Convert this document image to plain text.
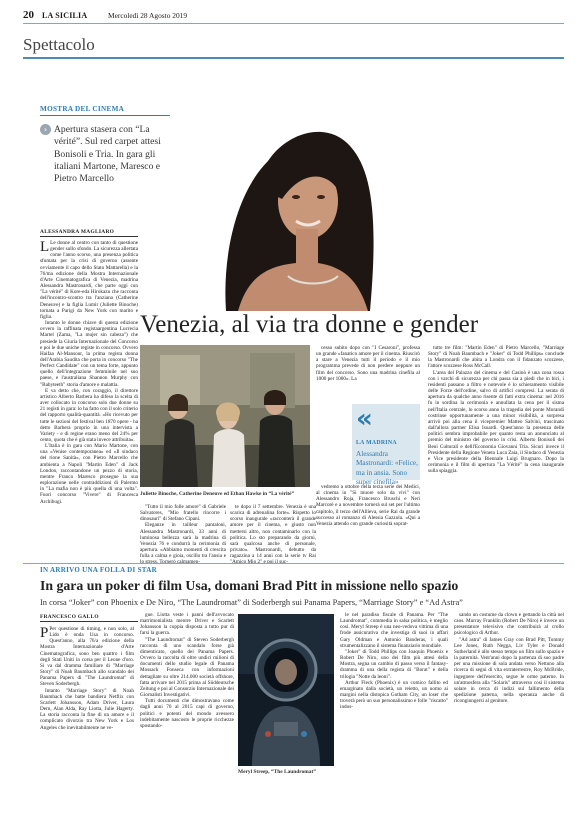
20 LA SICILIA	Mercoledì 28 Agosto 2019
Spettacolo
MOSTRA DEL CINEMA
› Apertura stasera con “La vérité”. Sul red carpet attesi Bonisoli e Tria. In gara gli italiani Martone, Maresco e Pietro Marcello
ALESSANDRA MAGLIARO

L Le donne al centro con tanto di questione gender sullo sfondo. La sicurezza allertata come l'anno scorso, una presenza politica sfumata per la crisi di governo (assente ovviamente il capo dello Stato Mattarella) e la 76/ma edizione della Mostra Internazionale d'Arte Cinematografica di Venezia, madrina Alessandra Mastronardi, che parte oggi con "La vérité" di Kore-eda Hirokazu che racconta dell'incontro-scontro tra l'anziana (Catherine Deneuve) e la figlia Lumir (Juliette Binoche) tornata a Parigi da New York con marito e figlia.

Intanto le donne chiave di questa edizione ovvero la raffinata registaargentina Lucrecia Martel (Zama, "La mujer sin cabeza") che presiede la Giuria Internazionale del Concorso e poi le due uniche registe in concorso. Ovvero Haifaa Al-Mansour, la prima regista donna dell'Arabia Saudita che porta in concorso "The Perfect Candidate" con un tema forte, appunto quello dell'integrazione femminile nel suo paese, e l'australiana Shannon Murphy con "Babyteeth" storia d'amore e malattia.

E va detto che, con coraggio, il direttore artistico Alberto Barbera ha difeso la scelta di aver collocato in concorso solo due donne su 21 registi in gara: lo ha fatto con il solo criterio del rapporto qualità-quantità. «Ho ricevuto per tutte le sezioni del festival ben 1870 opere - ha detto Barbera proprio in una intervista a Variety - e di regine erano meno del 24% per cento, quota che è già stata invece attribuita».

L'Italia è in gara con Mario Martone, con una «Venise contemporanea» ed «Il sindaco del rione Sanità», con Pietro Marcello che ambienta a Napoli "Martin Eden" di Jack London, raccontandone un pezzo di storia, mentre Franco Maresco prosegue la sua esplorazione nelle contraddizioni di Palermo in "La mafia non è più quella di una volta". Fuori concorso "Vivere" di Francesca Archibugi.

Venezia, al via tra donne e gender
Juliette Binoche, Catherine Deneuve ed Ethan Hawke in “La vérité”

"Tutto il mio folle amore" di Gabriele Salvatores, "Mio fratello rincorre i dinosauri" di Stefano Cipani.

Eleganze in tailleur pantaloni, Alessandra Mastronardi, 33 anni di luminosa bellezza sarà la madrina di Venezia 76 e condurrà la cerimonia di apertura. «Abbiamo momenti di crescita folla a calma e gioia, oscillo tra l'ansia e

te dopo il 7 settembre. Venezia è una scarica di adrenalina forte». Rispetto lo scorso inaugurale «racconterà il grande amore per il cinema, e giusto non mettersi altro, non contaminarlo con la politica. Lo sto preparando da giorni, sarà qualcosa anche di personale, privato». Mastronardi, debutto da ragazzina a 14 anni con la serie tv Rai

cesso subito dopo con "I Cesaroni", professa un grande «fanatico amore per il cinema. Riuscirò a stare a Venezia tutti il periodo e il mio programma prevede di non perdere neppure un film del concorso. Sono una madrina cinefila al 1000 per 1000». La

vedremo a ottobre nella terza serie dei Medici, al cinema in "Si muore solo da vivi" con Alessandro Roja, Francesco Bruschi e Neri Marcorè e a novembre tornerà sul set per l'ultimo capitolo, il terzo dell'Allieva, serie Rai da grande successo al romanzo di Alessia Gazzola. «Qui a Venezia attendo con grande curiosità soprat-

«
LA MADRINA
Alessandra Mastronardi: «Felice, ma in ansia. Sono super cinefila»

tutto tre film: "Martin Eden" di Pietro Marcello, "Marriage Story" di Noah Baumbach e "Joker" di Todd Phillips» conclude la Mastronardi che abita a Londra con il fidanzato scozzese, l'attore scozzese Ross McCall.

L'area del Palazzo del cinema e del Casinò è una zona rossa con i varchi di sicurezza per chi passa sia a piedi che in bici, i residenti passano a filtro e notevole è lo schieramento visibile delle Forze dell'ordine, salvo di artifici compresi. La serata di apertura da qualche anno risente di fatti extra cinema: nel 2016 fu in sordina la cerimonia e annullata la cena per il sisma nell'Italia centrale, lo scorso anno la tragedia del ponte Morandi costrinse opportunamente a una minor visibilità, a sorpresa arrivò poi alla cena il vicepremier Matteo Salvini, trascinato dall'allora partner Elisa Isoardi. Quest'anno la presenza delle politici sembra improbabile per quanto resta un annunciatu al premio del ministro del governo in crisi. Alberto Bonisoli dei Beni Culturali e delll'Economia Giovanni Tria. Sicuri invece il Presidente della Regione Veneto Luca Zaia, il Sindaco di Venezia e Vice presidente della Biennale Luigi Brugnaro. Dopo la cerimonia e il film di apertura "La Vérité" la cena inaugurale sulla spiaggia.

IN ARRIVO UNA FOLLA DI STAR
In gara un poker di film Usa, domani Brad Pitt in missione nello spazio
In corsa “Joker” con Phoenix e De Niro, “The Laundromat” di Soderbergh sui Panama Papers, “Marriage Story” e “Ad Astra”
FRANCESCO GALLO

P Per questione di timing, e non solo, al Lido è onda Usa in concorso. Quest'anno, alla 76/a edizione della Mostra Internazionale d'Arte Cinematografica, sono ben quattro i film degli Stati Uniti in corsa per il Leone d'oro. Si va dal dramma familiare di "Marriage Story" di Noah Baumbach allo scandalo dei Panama Papers di "The Laundromat" di Steven Soderbergh.

Intanto "Marriage Story" di Noah Baumbach che batte bandiera Netflix con Scarlett Johansson, Adam Driver, Laura Dern, Alan Alda, Ray Liotta, Julie Hagerty. La storia racconta la fine di un amore e il complicato divorzio tra New York e Los Angeles che inevitabilmente ne ve-

gue. Liotta veste i panni dell'avvocato matrimonialista mentre Driver e Scarlett Johansson la coppia disposta a tutto pur di farsi la guerra.

"The Laundromat" di Steven Soderbergh racconta di uno scandalo forse già dimenticato, quello dei Panama Papers. Ovvero la raccolta di oltre undici milioni di documenti dello studio legale di Panama Mossack Fonseca con informazioni dettagliate su oltre 214.000 società offshore, fatta arrivare nel 2015 prima al Süddeutsche Zeitung e poi al Consorzio Internazionale dei Giornalisti Investigativi.

Tutti documenti che dimostravano come dagli anni 70 al 2015 capi di governo, politici e potenti del mondo avessero indebitamente nascosto le proprie ricchezze spostando-

Meryl Streep, “The Laundromat”

le nel paradiso fiscale di Panama. Per "The Laundromat", commedia in salsa politica, è meglio così. Meryl Streep è una neo-vedova vittima di una frode assicurativa che investiga di suoi in affari Gary Oldman e Antonio Banderas, i quali strumentalizzano il sistema finanziario mondiale.

"Joker" di Todd Phillips con Joaquin Phoenix e Robert De Niro, uno dei film più attesi della Mostra, segna un cambio di passo verso il fantasy-dramma di una della regista di "Borat" e della trilogia "Notte da leoni".

Arthur Fleck (Phoenix) è un comico fallito ed emarginato dalla società, un reietto, un uomo ai margini nella distopica Gotham City, un loser che troverà però un suo personalissimo e folle "riscatto" indos-

sando un costume da clown e gettando la città nel caos. Murray Franklin (Robert De Niro) è invece un presentatore televisivo che contribuirà al crollo psicologico di Arthur.

"Ad astra" di James Gray con Brad Pitt, Tommy Lee Jones, Ruth Negga, Liv Tyler e Donald Sutherland è allo stesso tempo un film sullo spazio e la paternità. Vent'anni dopo la partenza di suo padre per una missione di sola andata verso Nettuno alla ricerca di segni di vita extraterrestre, Roy McBride, ingegnere dell'esercito, segue le orme paterne. In un'atmosfera alla "Solaris" attraverso così il sistema solare in cerca di indizi sul fallimento della spedizione paterna, nella speranza anche di ricongiungersi al genitore.
